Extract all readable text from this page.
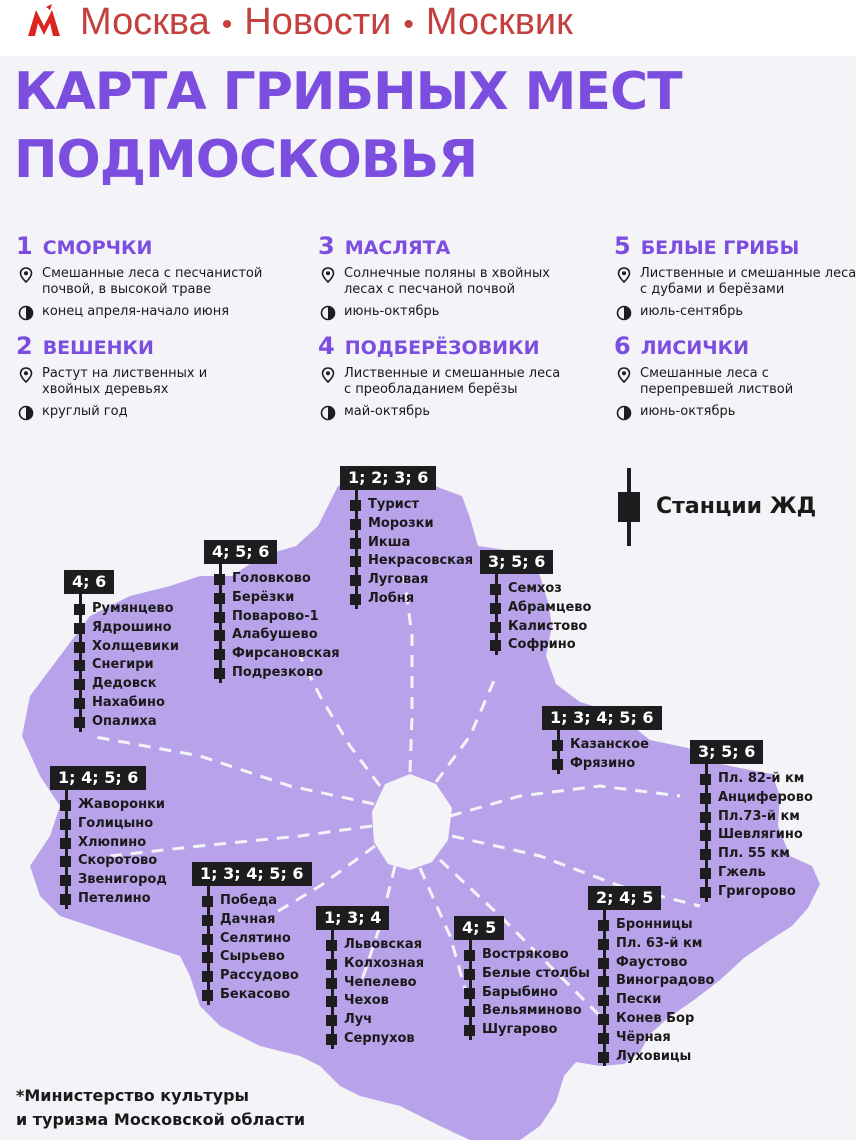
Москва • Новости • Москвик
КАРТА ГРИБНЫХ МЕСТ
ПОДМОСКОВЬЯ
1 СМОРЧКИ
Смешанные леса с песчанистой почвой, в высокой траве
конец апреля-начало июня
2 ВЕШЕНКИ
Растут на лиственных и хвойных деревьях
круглый год
3 МАСЛЯТА
Солнечные поляны в хвойных лесах с песчаной почвой
июнь-октябрь
4 ПОДБЕРЁЗОВИКИ
Лиственные и смешанные леса с преобладанием берёзы
май-октябрь
5 БЕЛЫЕ ГРИБЫ
Лиственные и смешанные леса с дубами и берёзами
июль-сентябрь
6 ЛИСИЧКИ
Смешанные леса с перепревшей листвой
июнь-октябрь
Станции ЖД
4; 6
Румянцево
Ядрошино
Холщевики
Снегири
Дедовск
Нахабино
Опалиха
4; 5; 6
Головково
Берёзки
Поварово-1
Алабушево
Фирсановская
Подрезково
1; 2; 3; 6
Турист
Морозки
Икша
Некрасовская
Луговая
Лобня
3; 5; 6
Семхоз
Абрамцево
Калистово
Софрино
1; 3; 4; 5; 6
Казанское
Фрязино
3; 5; 6
Пл. 82-й км
Анциферово
Пл.73-й км
Шевлягино
Пл. 55 км
Гжель
Григорово
1; 4; 5; 6
Жаворонки
Голицыно
Хлюпино
Скоротово
Звенигород
Петелино
1; 3; 4; 5; 6
Победа
Дачная
Селятино
Сырьево
Рассудово
Бекасово
1; 3; 4
Львовская
Колхозная
Чепелево
Чехов
Луч
Серпухов
4; 5
Востряково
Белые столбы
Барыбино
Вельяминово
Шугарово
2; 4; 5
Бронницы
Пл. 63-й км
Фаустово
Виноградово
Пески
Конев Бор
Чёрная
Луховицы
*Министерство культуры
и туризма Московской области
